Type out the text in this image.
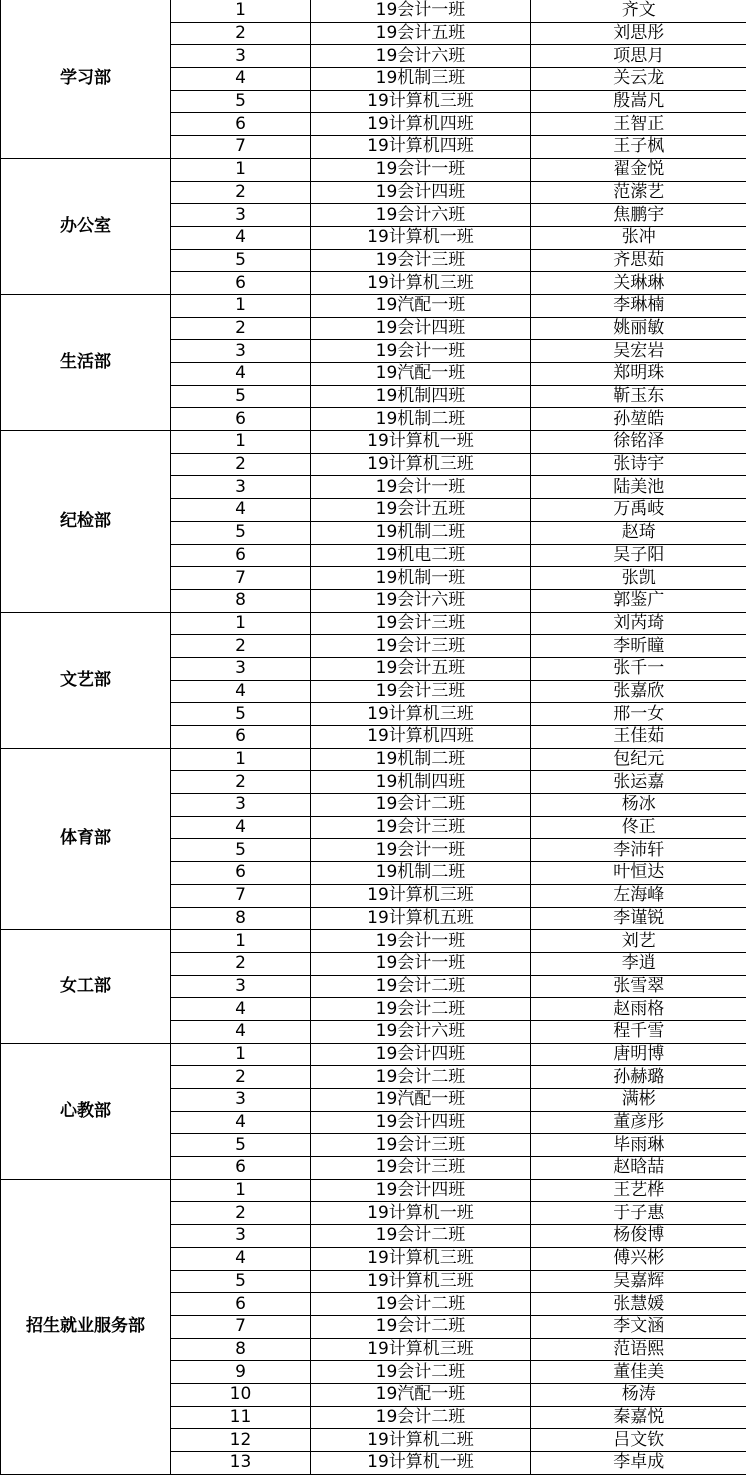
学习部	1	19会计一班	齐文
	2	19会计五班	刘思彤
	3	19会计六班	项思月
	4	19机制三班	关云龙
	5	19计算机三班	殷嵩凡
	6	19计算机四班	王智正
	7	19计算机四班	王子枫
办公室	1	19会计一班	翟金悦
	2	19会计四班	范潆艺
	3	19会计六班	焦鹏宇
	4	19计算机一班	张冲
	5	19会计三班	齐思茹
	6	19计算机三班	关琳琳
生活部	1	19汽配一班	李琳楠
	2	19会计四班	姚丽敏
	3	19会计一班	吴宏岩
	4	19汽配一班	郑明珠
	5	19机制四班	靳玉东
	6	19机制二班	孙堃皓
纪检部	1	19计算机一班	徐铭泽
	2	19计算机三班	张诗宇
	3	19会计一班	陆美池
	4	19会计五班	万禹岐
	5	19机制二班	赵琦
	6	19机电二班	吴子阳
	7	19机制一班	张凯
	8	19会计六班	郭鉴广
文艺部	1	19会计三班	刘芮琦
	2	19会计三班	李昕瞳
	3	19会计五班	张千一
	4	19会计三班	张嘉欣
	5	19计算机三班	邢一女
	6	19计算机四班	王佳茹
体育部	1	19机制二班	包纪元
	2	19机制四班	张运嘉
	3	19会计二班	杨冰
	4	19会计三班	佟正
	5	19会计一班	李沛轩
	6	19机制二班	叶恒达
	7	19计算机三班	左海峰
	8	19计算机五班	李谨锐
女工部	1	19会计一班	刘艺
	2	19会计一班	李逍
	3	19会计二班	张雪翠
	4	19会计二班	赵雨格
	4	19会计六班	程千雪
心教部	1	19会计四班	唐明博
	2	19会计二班	孙赫璐
	3	19汽配一班	满彬
	4	19会计四班	董彦彤
	5	19会计三班	毕雨琳
	6	19会计三班	赵晗喆
招生就业服务部	1	19会计四班	王艺桦
	2	19计算机一班	于子惠
	3	19会计二班	杨俊博
	4	19计算机三班	傅兴彬
	5	19计算机三班	吴嘉辉
	6	19会计二班	张慧媛
	7	19会计二班	李文涵
	8	19计算机三班	范语熙
	9	19会计二班	董佳美
	10	19汽配一班	杨涛
	11	19会计二班	秦嘉悦
	12	19计算机二班	吕文钦
	13	19计算机一班	李卓成
